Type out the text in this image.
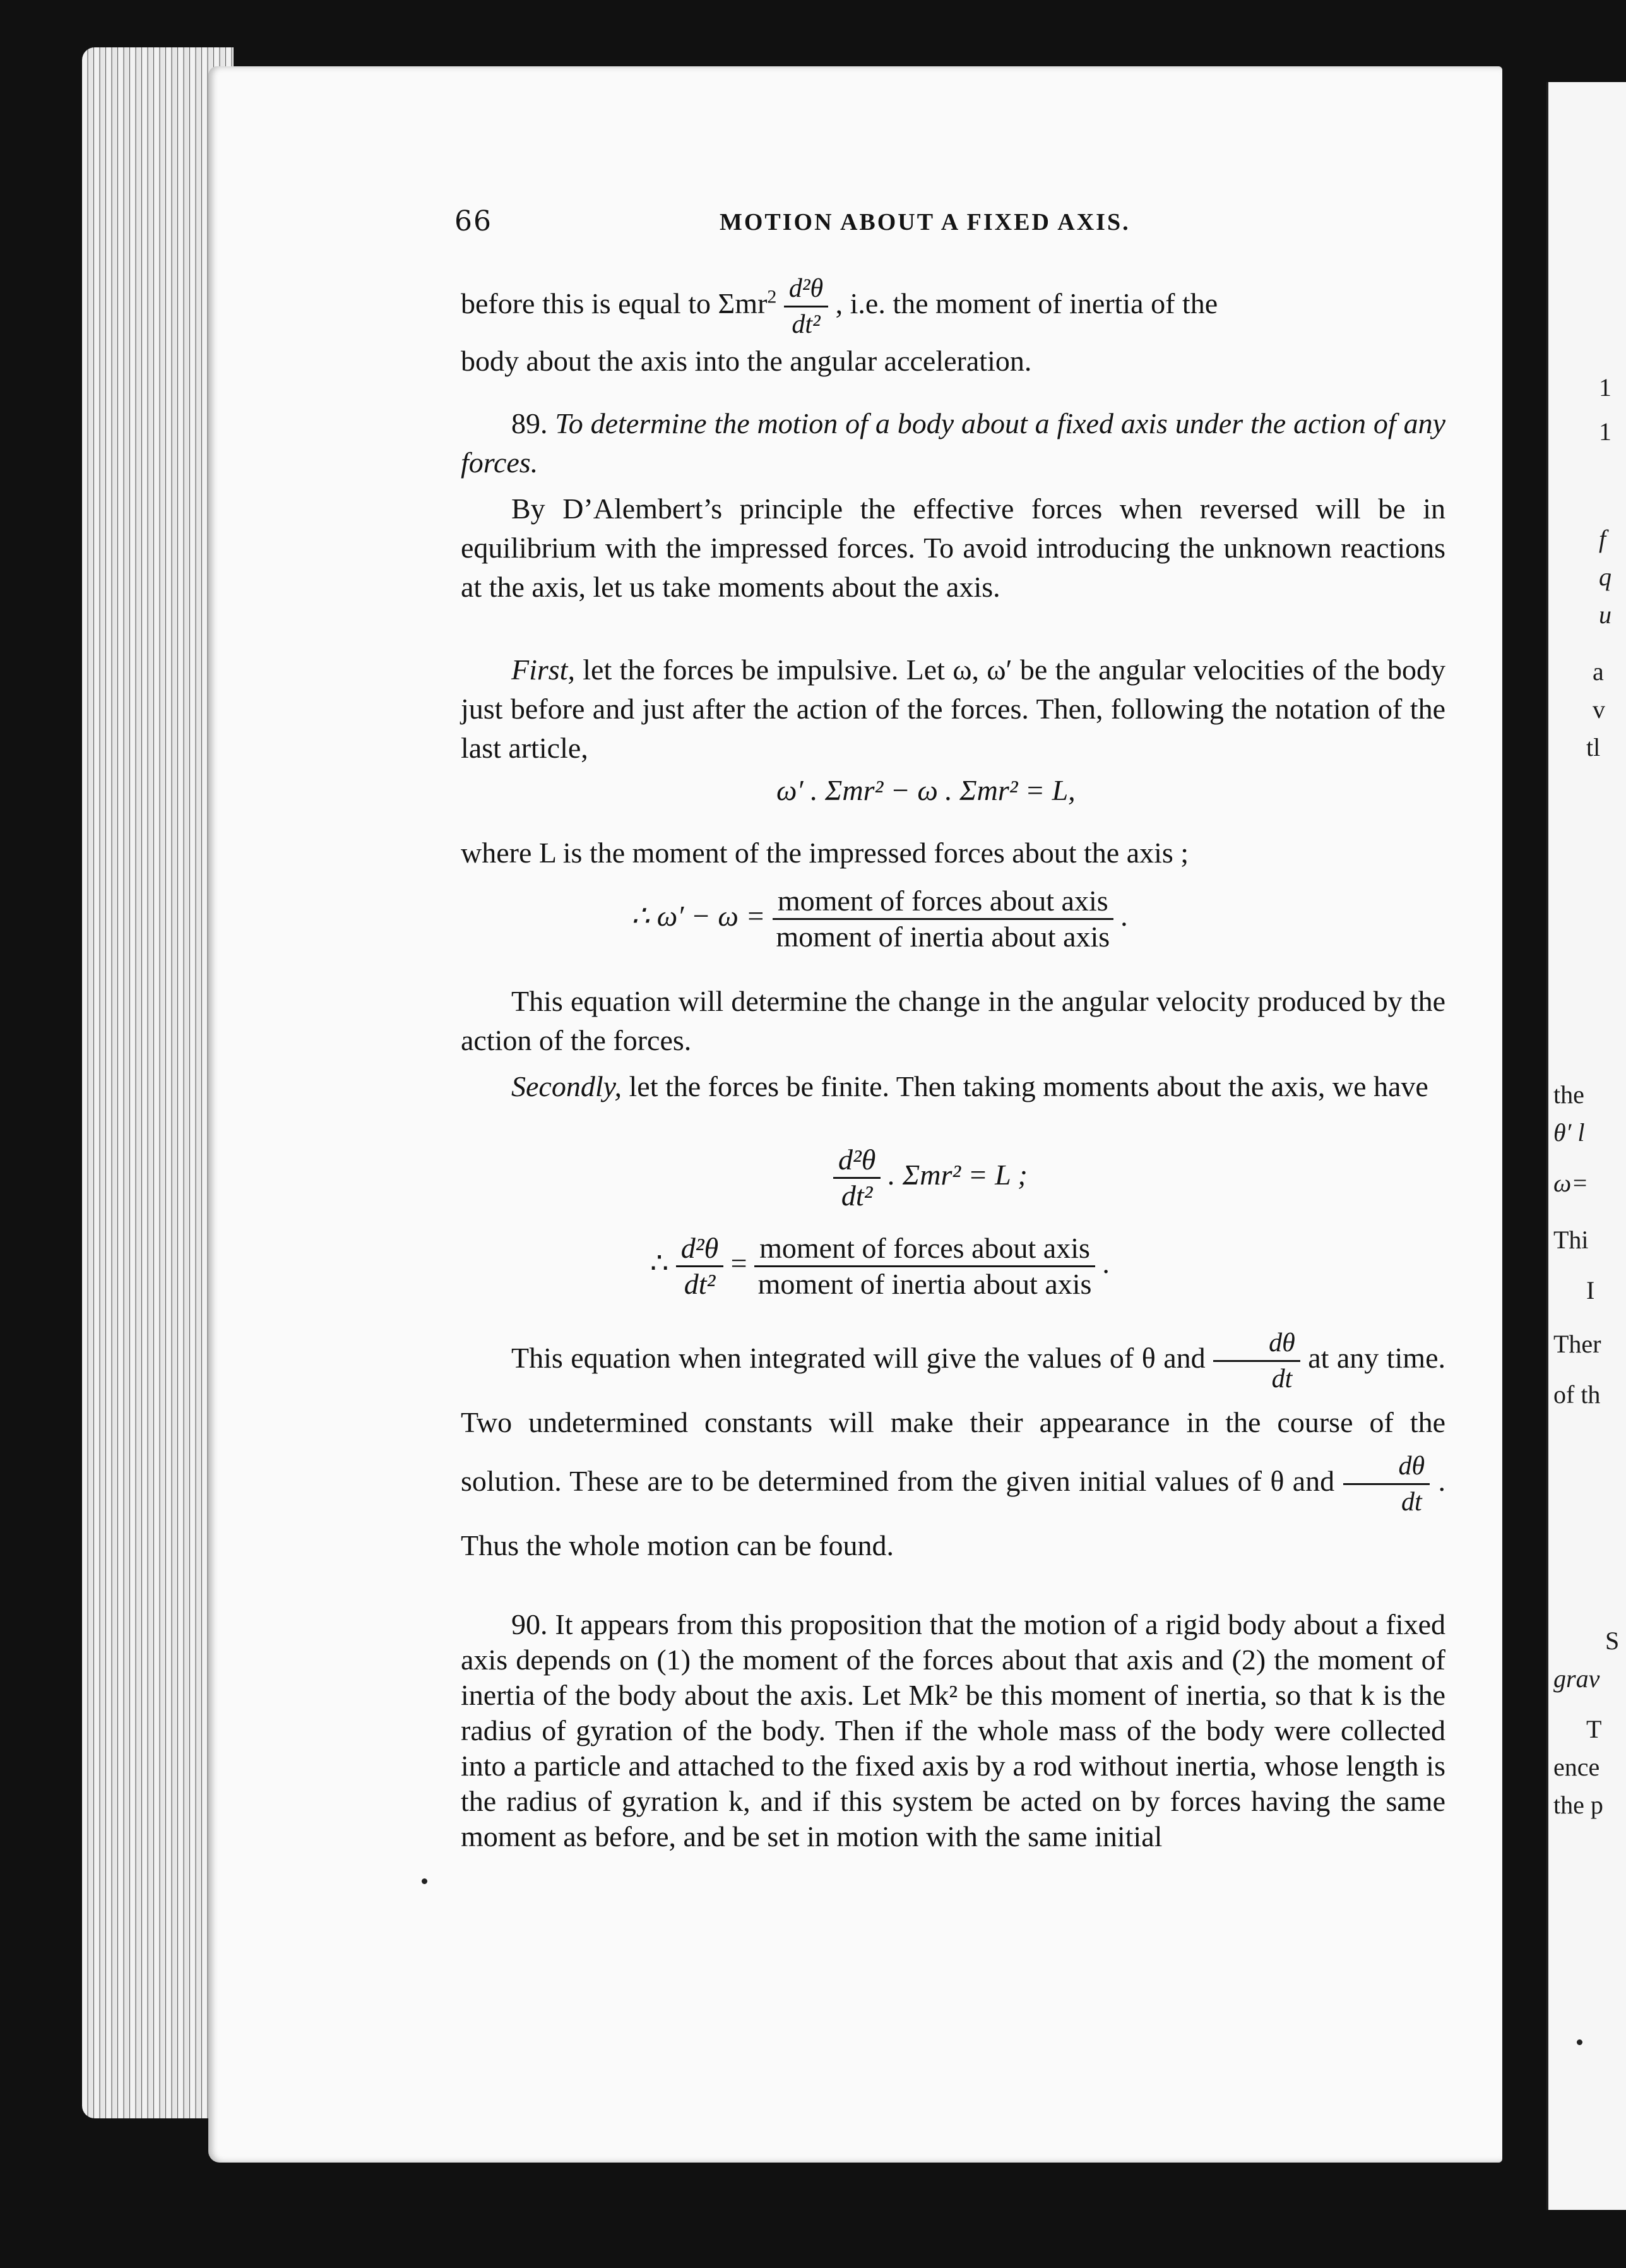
1
1
f
q
u
a
v
tl
the
θ′ l
ω=
Thi
I
Ther
of th
S
grav
T
ence
the p
66	MOTION ABOUT A FIXED AXIS.

before this is equal to $\Sigma mr^2 \frac{\text{d²θ}}{\text{dt²}}$ , i.e. the moment of inertia of the

body about the axis into the angular acceleration.

89. To determine the motion of a body about a fixed axis under the action of any forces.

By D’Alembert’s principle the effective forces when reversed will be in equilibrium with the impressed forces. To avoid introducing the unknown reactions at the axis, let us take moments about the axis.

First, let the forces be impulsive. Let ω, ω′ be the angular velocities of the body just before and just after the action of the forces. Then, following the notation of the last article,

ω′ . Σmr² − ω . Σmr² = L,

where L is the moment of the impressed forces about the axis ;

∴ $\omega' - \omega = \frac{\text{moment of forces about axis}}{\text{moment of inertia about axis}}$ .

This equation will determine the change in the angular velocity produced by the action of the forces.

Secondly, let the forces be finite. Then taking moments about the axis, we have

$\frac{\text{d²θ}}{\text{dt²}}$ . Σmr² = L ;
∴ $\frac{\text{d²θ}}{\text{dt²}} = \frac{\text{moment of forces about axis}}{\text{moment of inertia about axis}}$ .

This equation when integrated will give the values of θ and $\frac{d\theta}{dt}$ at any time. Two undetermined constants will make their appearance in the course of the solution. These are to be determined from the given initial values of θ and $\frac{d\theta}{dt}$ . Thus the whole motion can be found.

90. It appears from this proposition that the motion of a rigid body about a fixed axis depends on (1) the moment of the forces about that axis and (2) the moment of inertia of the body about the axis. Let Mk² be this moment of inertia, so that k is the radius of gyration of the body. Then if the whole mass of the body were collected into a particle and attached to the fixed axis by a rod without inertia, whose length is the radius of gyration k, and if this system be acted on by forces having the same moment as before, and be set in motion with the same initial
